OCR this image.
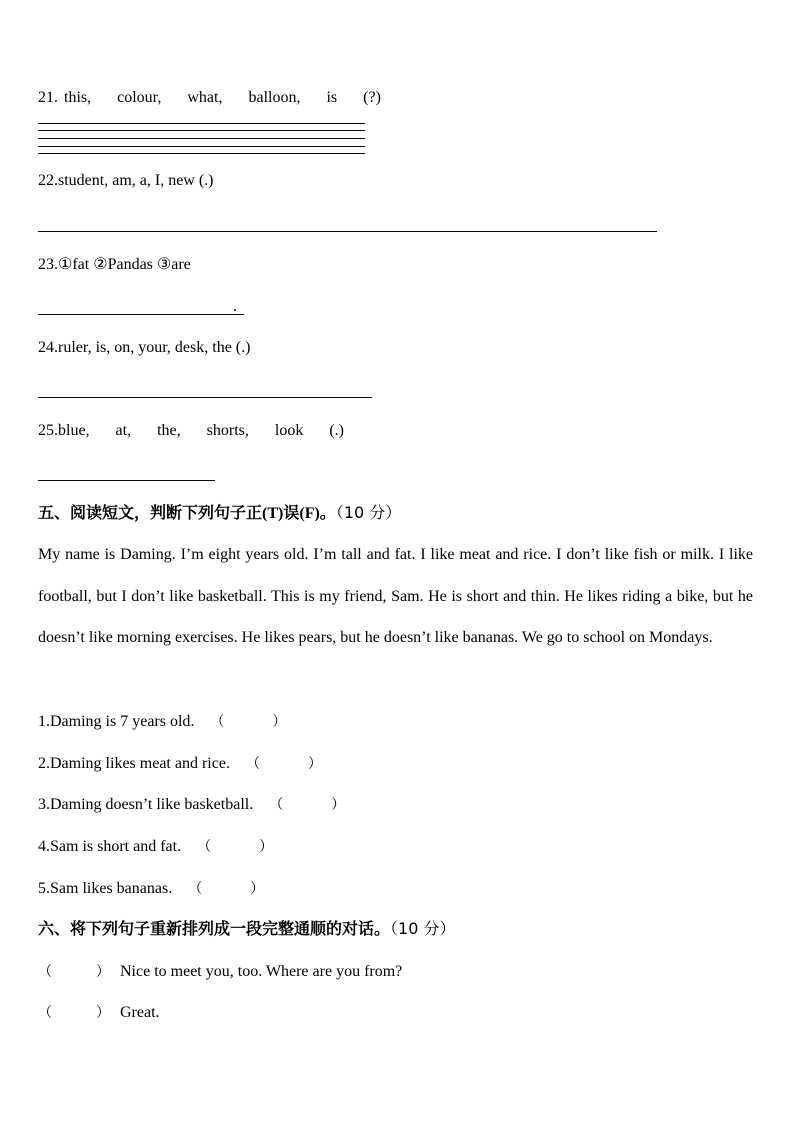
21. this, colour, what, balloon, is (?)
22.student, am, a, I, new (.)
23.①fat ②Pandas ③are
.
24.ruler, is, on, your, desk, the (.)
25.blue, at, the, shorts, look (.)
五、阅读短文，判断下列句子正(T)误(F)。（10 分）
My name is Daming. I’m eight years old. I’m tall and fat. I like meat and rice. I don’t like fish or milk. I like football, but I don’t like basketball. This is my friend, Sam. He is short and thin. He likes riding a bike, but he doesn’t like morning exercises. He likes pears, but he doesn’t like bananas. We go to school on Mondays.
1.Daming is 7 years old. （	）
2.Daming likes meat and rice. （	）
3.Daming doesn’t like basketball. （	）
4.Sam is short and fat. （	）
5.Sam likes bananas. （	）
六、将下列句子重新排列成一段完整通顺的对话。（10 分）
（	） Nice to meet you, too. Where are you from?
（	） Great.
